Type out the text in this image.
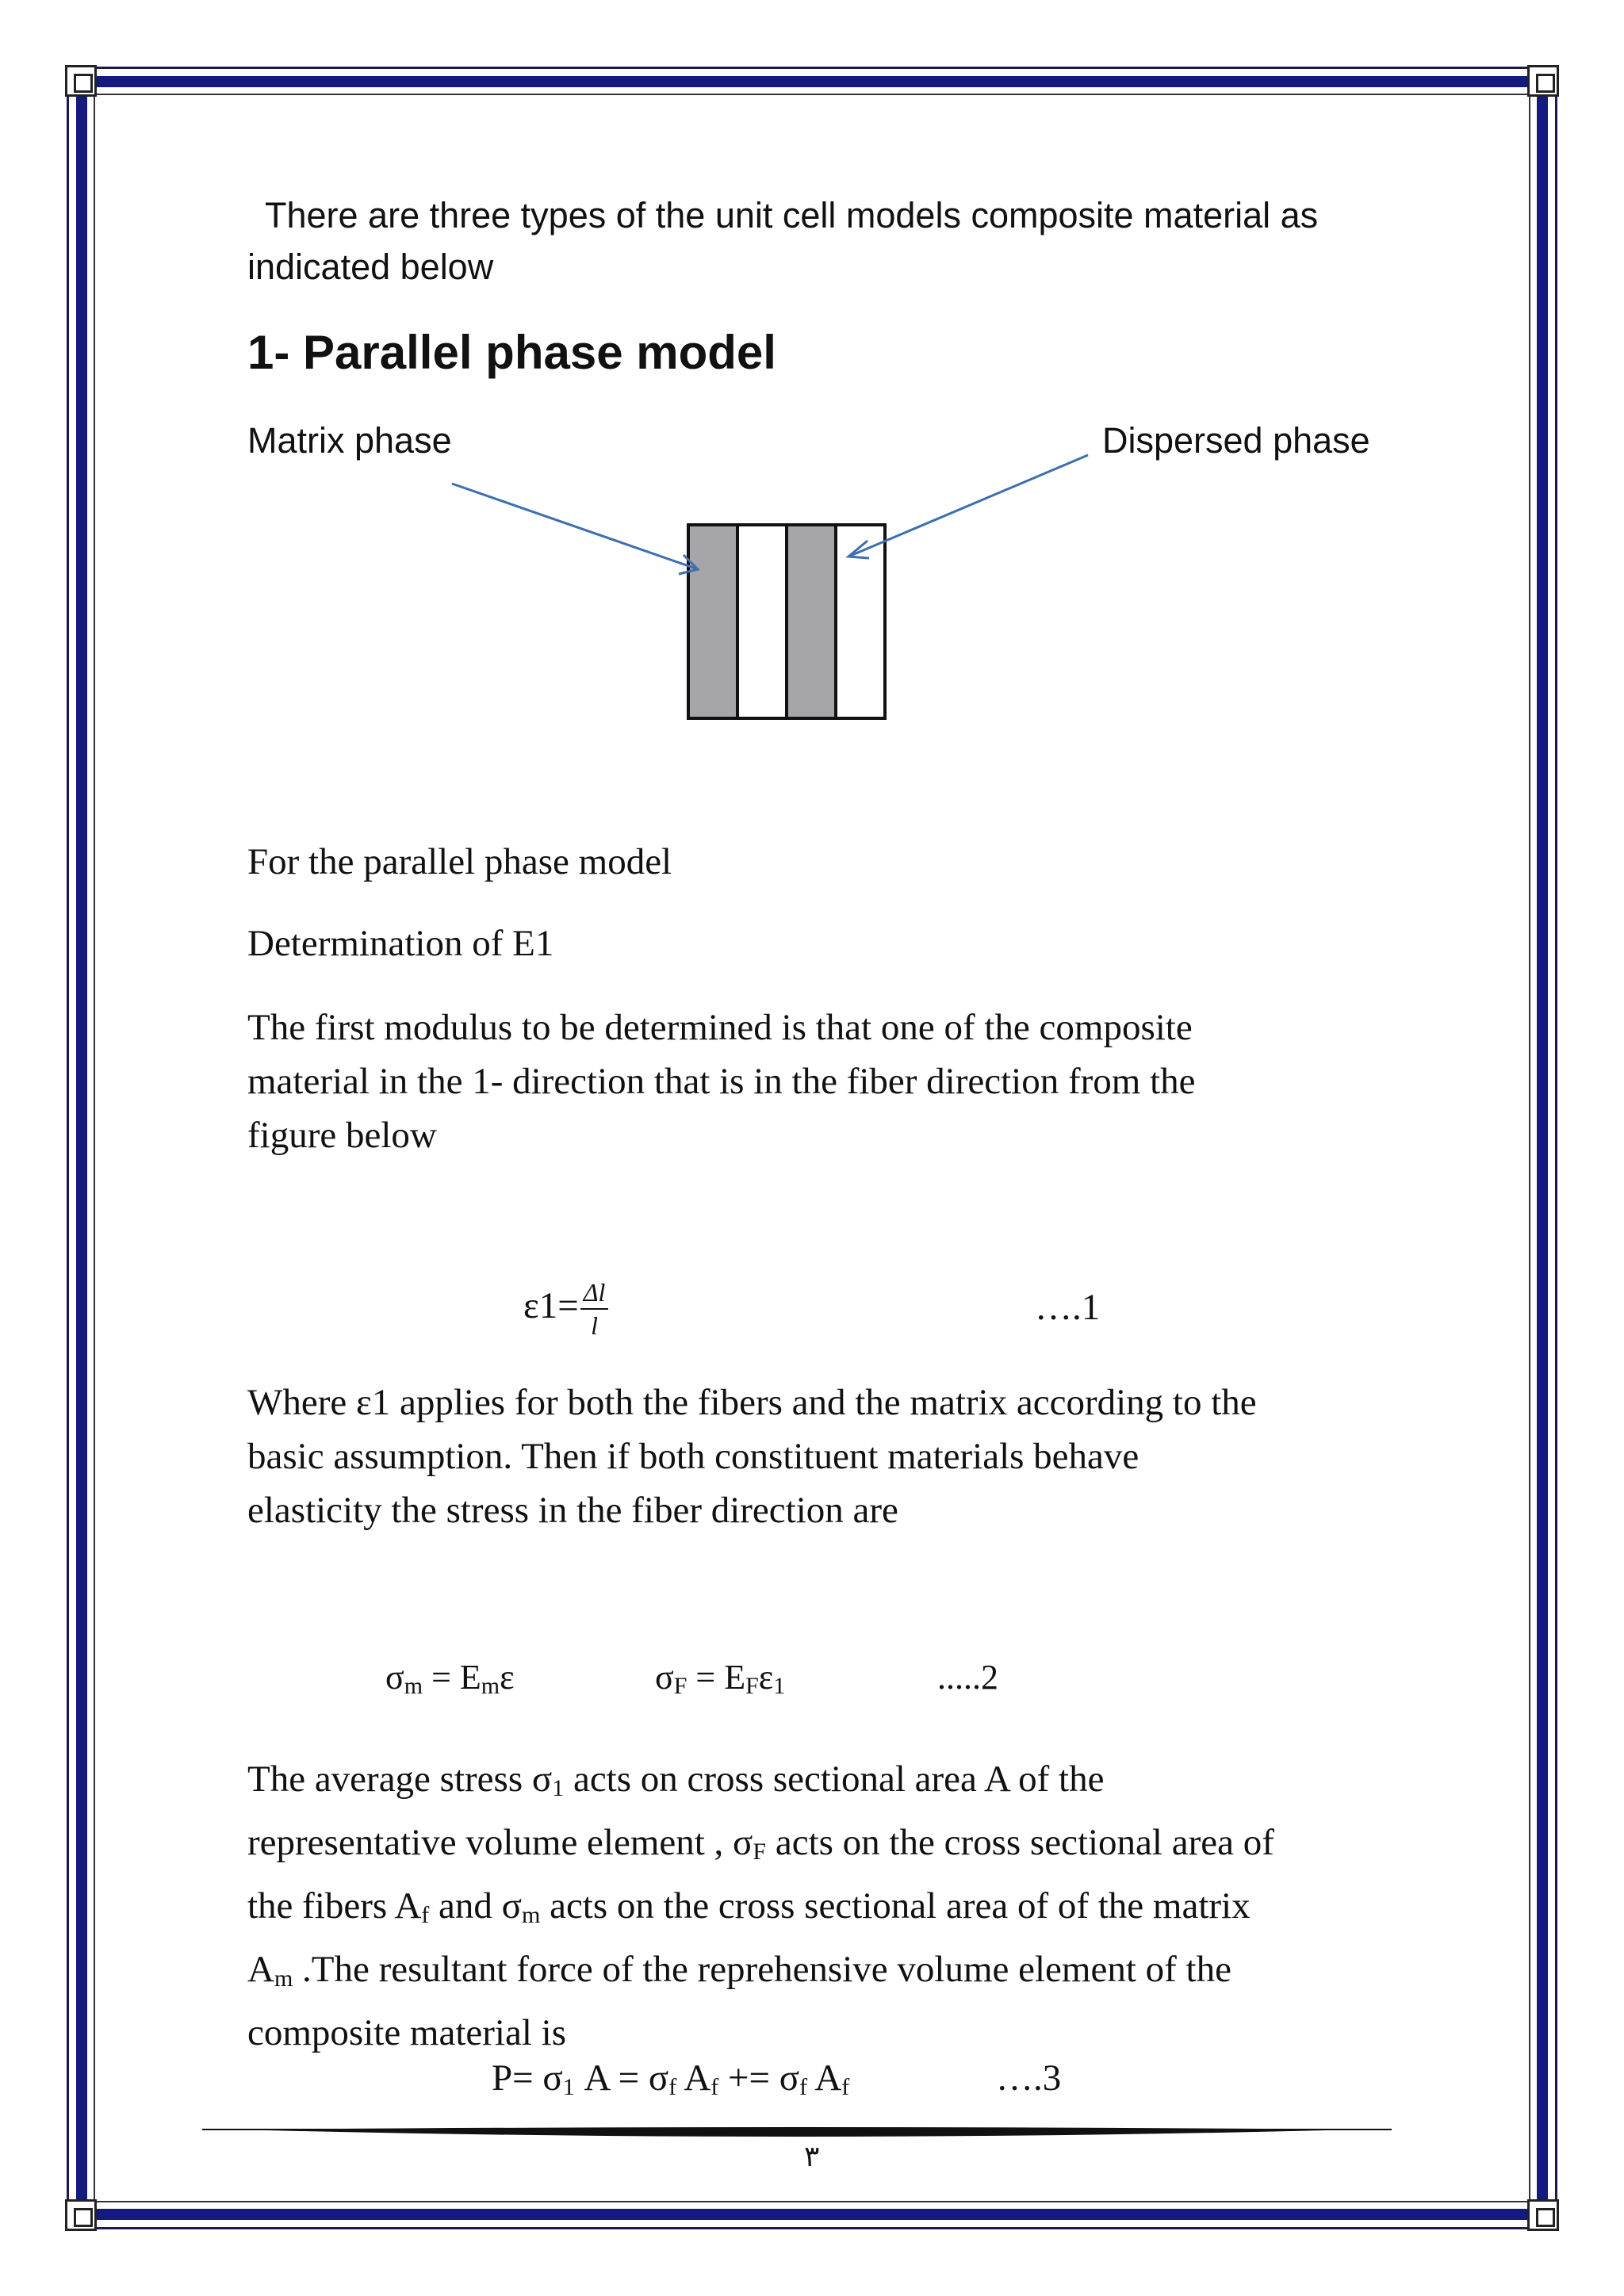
There are three types of the unit cell models composite material as
indicated below
1- Parallel phase model
Matrix phase	Dispersed phase
For the parallel phase model
Determination of E1
The first modulus to be determined is that one of the composite
material in the 1- direction that is in the fiber direction from the
figure below
$\varepsilon 1= \frac{\Delta l}{l}$	….1
Where ε1 applies for both the fibers and the matrix according to the
basic assumption. Then if both constituent materials behave
elasticity the stress in the fiber direction are
$\sigma_m = E_m\varepsilon$	$\sigma_F = E_F\varepsilon_1$	.....2
The average stress $\sigma_1$ acts on cross sectional area A of the
representative volume element , $\sigma_F$ acts on the cross sectional area of
the fibers $A_f$ and $\sigma_m$ acts on the cross sectional area of of the matrix
$A_m$ .The resultant force of the reprehensive volume element of the
composite material is
$P= \sigma_1$ $A = \sigma_f$ $A_f += \sigma_f$ $A_f$	….3
٣
